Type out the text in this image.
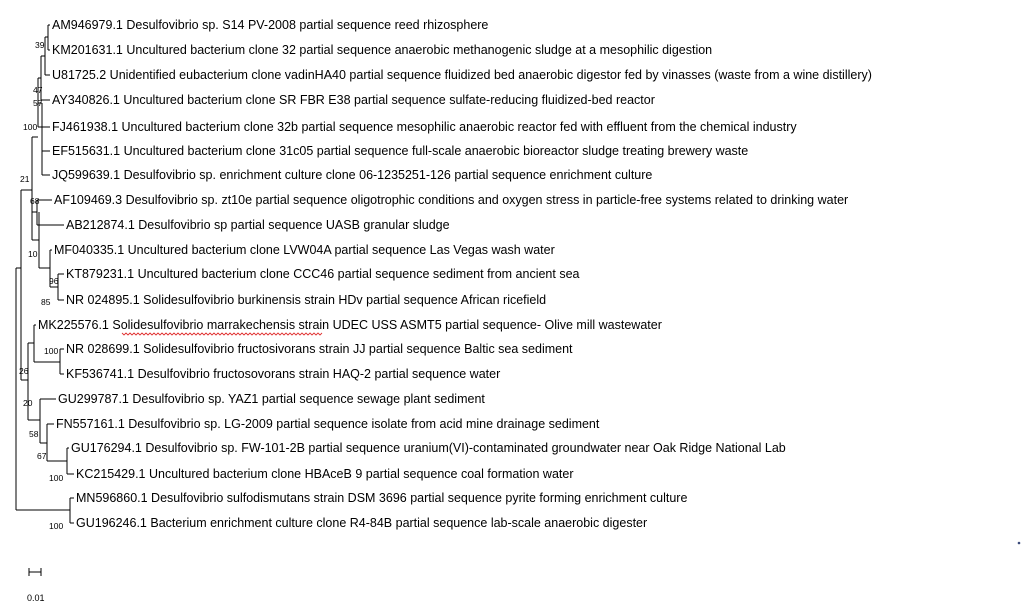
AM946979.1 Desulfovibrio sp. S14 PV-2008 partial sequence reed rhizosphere
KM201631.1 Uncultured bacterium clone 32 partial sequence anaerobic methanogenic sludge at a mesophilic digestion
U81725.2 Unidentified eubacterium clone vadinHA40 partial sequence fluidized bed anaerobic digestor fed by vinasses (waste from a wine distillery)
AY340826.1 Uncultured bacterium clone SR FBR E38 partial sequence sulfate-reducing fluidized-bed reactor
FJ461938.1 Uncultured bacterium clone 32b partial sequence mesophilic anaerobic reactor fed with effluent from the chemical industry
EF515631.1 Uncultured bacterium clone 31c05 partial sequence full-scale anaerobic bioreactor sludge treating brewery waste
JQ599639.1 Desulfovibrio sp. enrichment culture clone 06-1235251-126 partial sequence enrichment culture
AF109469.3 Desulfovibrio sp. zt10e partial sequence oligotrophic conditions and oxygen stress in particle-free systems related to drinking water
AB212874.1 Desulfovibrio sp partial sequence UASB granular sludge
MF040335.1 Uncultured bacterium clone LVW04A partial sequence Las Vegas wash water
KT879231.1 Uncultured bacterium clone CCC46 partial sequence sediment from ancient sea
NR 024895.1 Solidesulfovibrio burkinensis strain HDv partial sequence African ricefield
MK225576.1 Solidesulfovibrio marrakechensis strain UDEC USS ASMT5 partial sequence- Olive mill wastewater
NR 028699.1 Solidesulfovibrio fructosivorans strain JJ partial sequence Baltic sea sediment
KF536741.1 Desulfovibrio fructosovorans strain HAQ-2 partial sequence water
GU299787.1 Desulfovibrio sp. YAZ1 partial sequence sewage plant sediment
FN557161.1 Desulfovibrio sp. LG-2009 partial sequence isolate from acid mine drainage sediment
GU176294.1 Desulfovibrio sp. FW-101-2B partial sequence uranium(VI)-contaminated groundwater near Oak Ridge National Lab
KC215429.1 Uncultured bacterium clone HBAceB 9 partial sequence coal formation water
MN596860.1 Desulfovibrio sulfodismutans strain DSM 3696 partial sequence pyrite forming enrichment culture
GU196246.1 Bacterium enrichment culture clone R4-84B partial sequence lab-scale anaerobic digester
39
47
57
100
21
68
10
96
85
100
26
20
58
67
100
100
0.01
